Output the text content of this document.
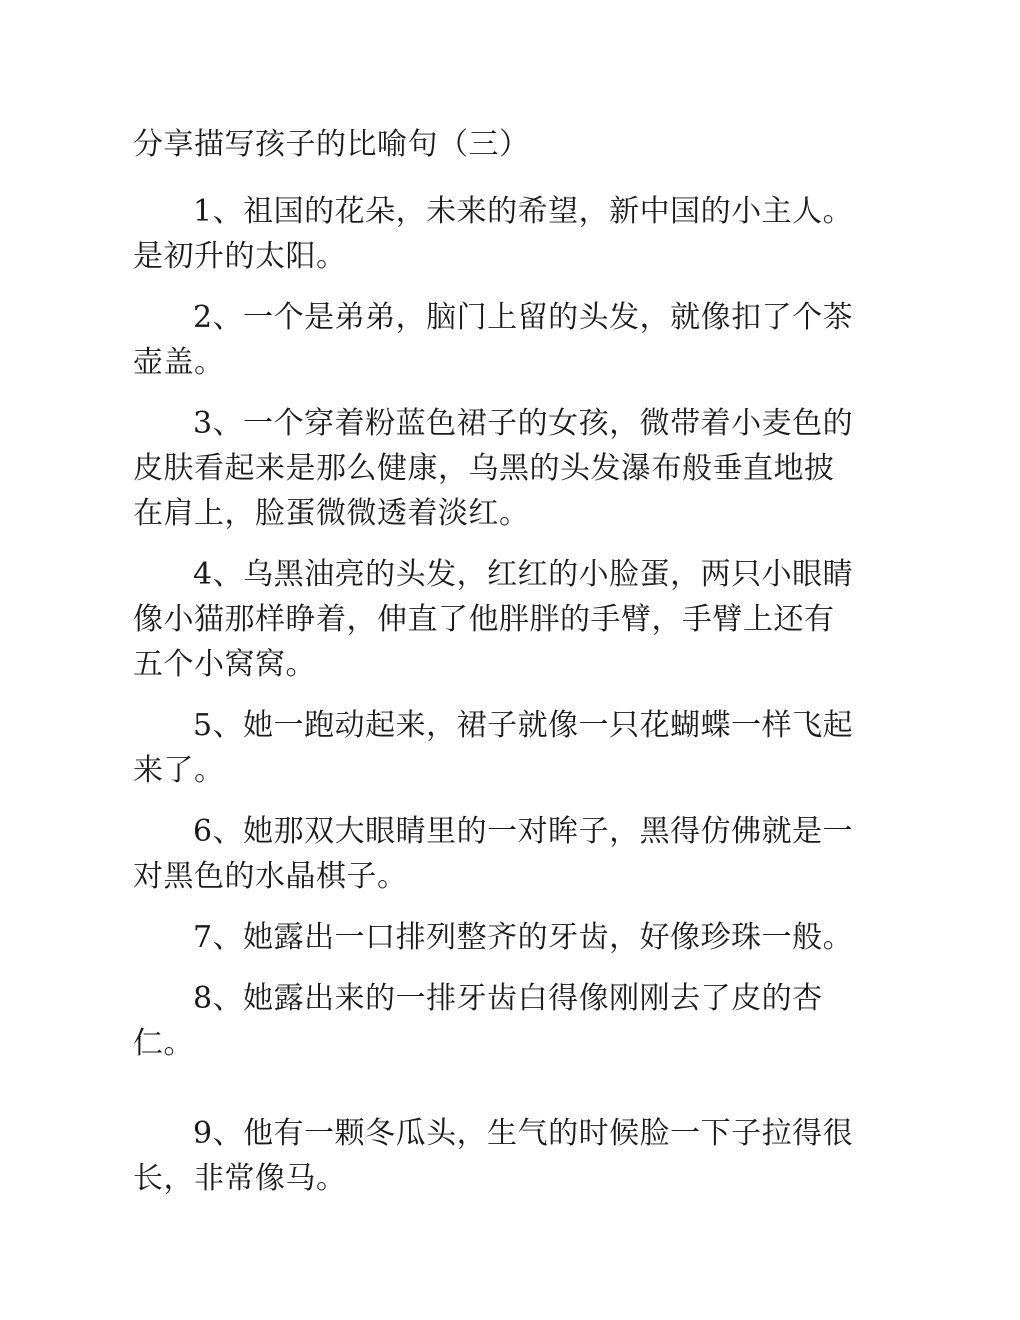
分享描写孩子的比喻句（三）

1、祖国的花朵，未来的希望，新中国的小主人。是初升的太阳。

2、一个是弟弟，脑门上留的头发，就像扣了个茶壶盖。

3、一个穿着粉蓝色裙子的女孩，微带着小麦色的皮肤看起来是那么健康，乌黑的头发瀑布般垂直地披在肩上，脸蛋微微透着淡红。

4、乌黑油亮的头发，红红的小脸蛋，两只小眼睛像小猫那样睁着，伸直了他胖胖的手臂，手臂上还有五个小窝窝。

5、她一跑动起来，裙子就像一只花蝴蝶一样飞起来了。

6、她那双大眼睛里的一对眸子，黑得仿佛就是一对黑色的水晶棋子。

7、她露出一口排列整齐的牙齿，好像珍珠一般。

8、她露出来的一排牙齿白得像刚刚去了皮的杏仁。

9、他有一颗冬瓜头，生气的时候脸一下子拉得很长，非常像马。
